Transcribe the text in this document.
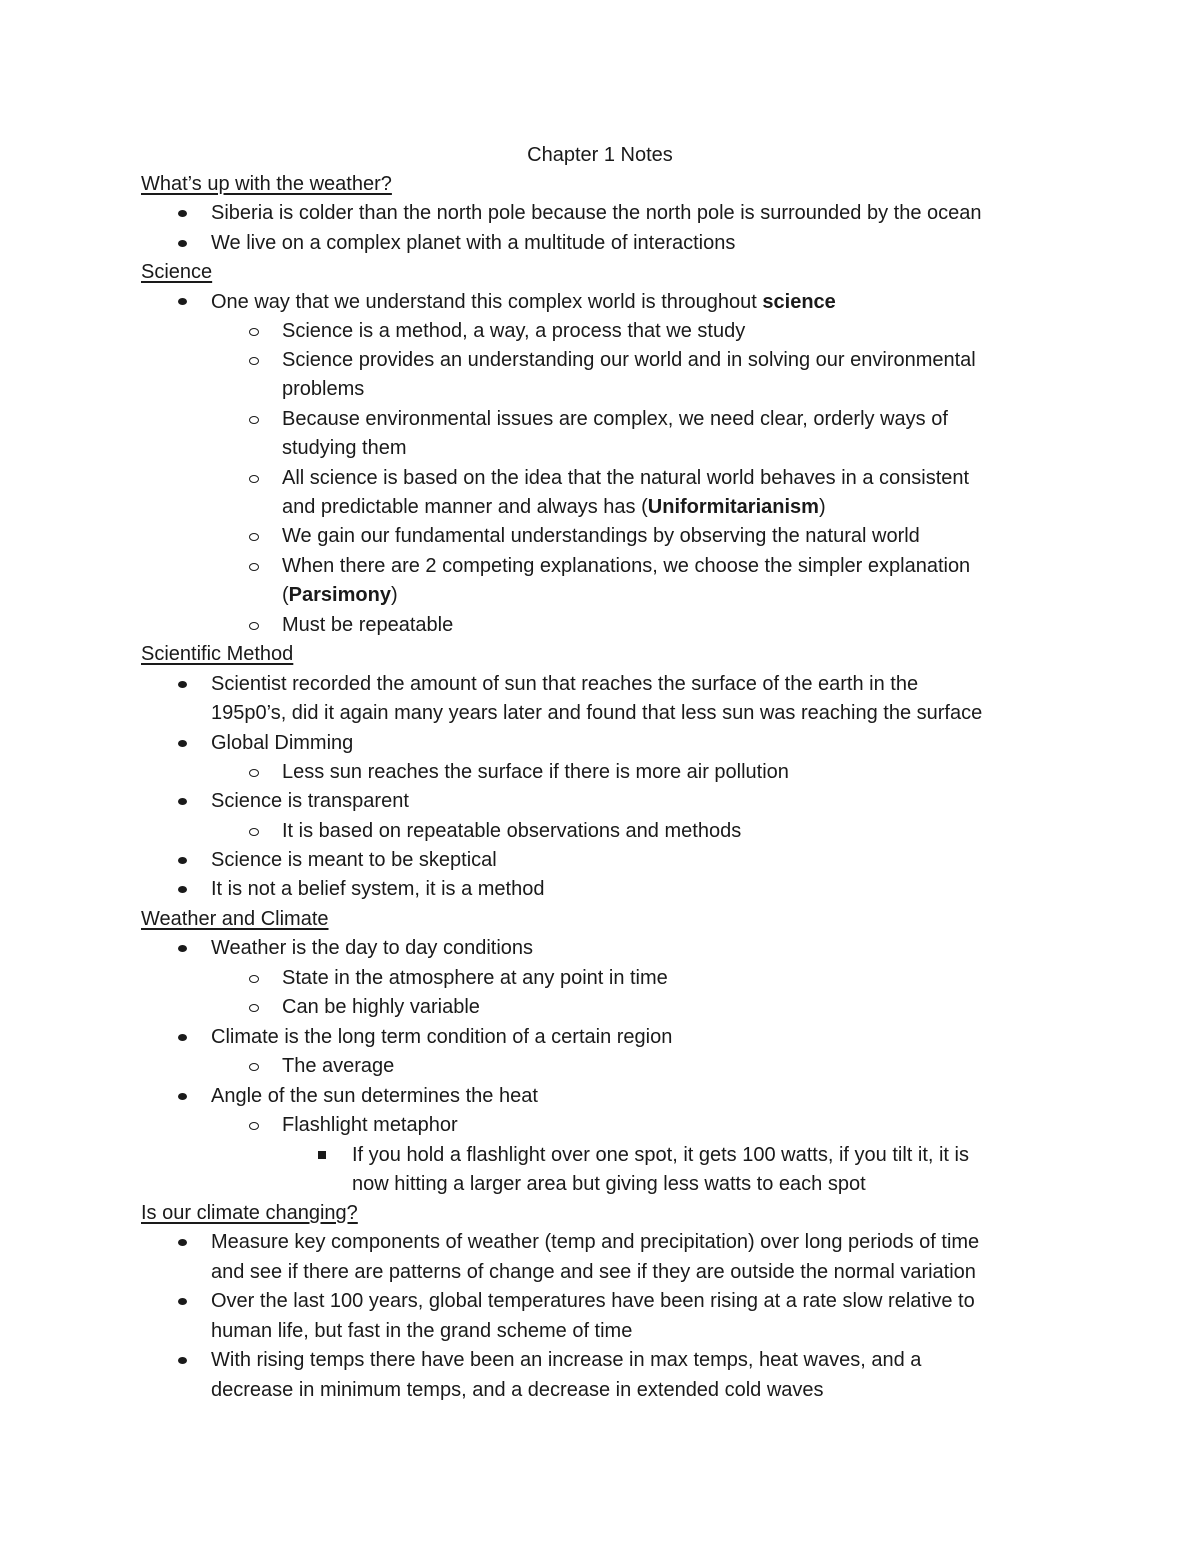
Chapter 1 Notes
What’s up with the weather?
Siberia is colder than the north pole because the north pole is surrounded by the ocean
We live on a complex planet with a multitude of interactions
Science
One way that we understand this complex world is throughout science
Science is a method, a way, a process that we study
Science provides an understanding our world and in solving our environmental
problems
Because environmental issues are complex, we need clear, orderly ways of
studying them
All science is based on the idea that the natural world behaves in a consistent
and predictable manner and always has (Uniformitarianism)
We gain our fundamental understandings by observing the natural world
When there are 2 competing explanations, we choose the simpler explanation
(Parsimony)
Must be repeatable
Scientific Method
Scientist recorded the amount of sun that reaches the surface of the earth in the
195p0’s, did it again many years later and found that less sun was reaching the surface
Global Dimming
Less sun reaches the surface if there is more air pollution
Science is transparent
It is based on repeatable observations and methods
Science is meant to be skeptical
It is not a belief system, it is a method
Weather and Climate
Weather is the day to day conditions
State in the atmosphere at any point in time
Can be highly variable
Climate is the long term condition of a certain region
The average
Angle of the sun determines the heat
Flashlight metaphor
If you hold a flashlight over one spot, it gets 100 watts, if you tilt it, it is
now hitting a larger area but giving less watts to each spot
Is our climate changing?
Measure key components of weather (temp and precipitation) over long periods of time
and see if there are patterns of change and see if they are outside the normal variation
Over the last 100 years, global temperatures have been rising at a rate slow relative to
human life, but fast in the grand scheme of time
With rising temps there have been an increase in max temps, heat waves, and a
decrease in minimum temps, and a decrease in extended cold waves
